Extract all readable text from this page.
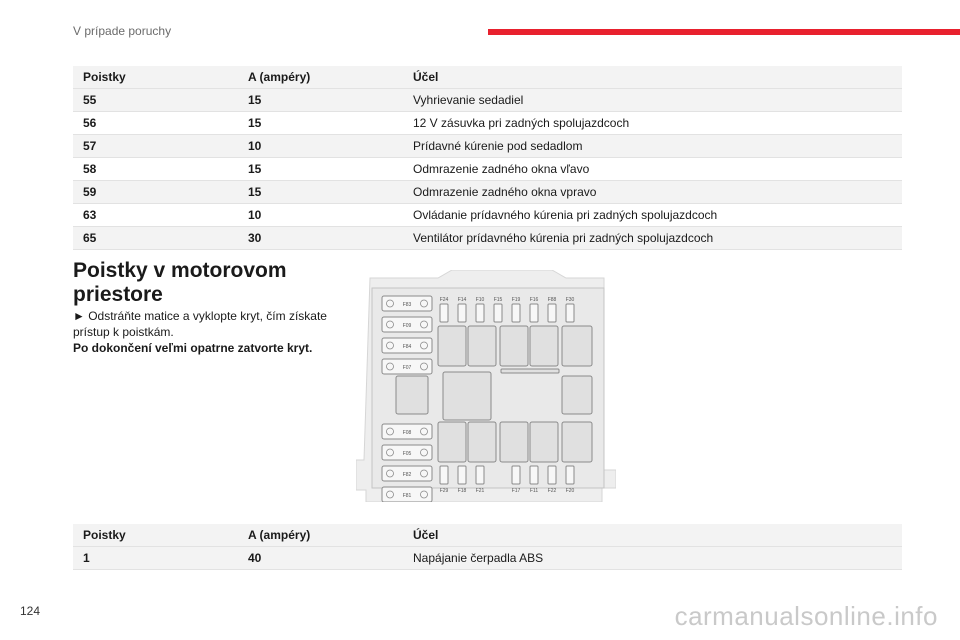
V prípade poruchy
Poistky	A (ampéry)	Účel
55	15	Vyhrievanie sedadiel
56	15	12 V zásuvka pri zadných spolujazdcoch
57	10	Prídavné kúrenie pod sedadlom
58	15	Odmrazenie zadného okna vľavo
59	15	Odmrazenie zadného okna vpravo
63	10	Ovládanie prídavného kúrenia pri zadných spolujazdcoch
65	30	Ventilátor prídavného kúrenia pri zadných spolujazdcoch
Poistky v motorovom priestore
► Odstráňte matice a vyklopte kryt, čím získate prístup k poistkám.
Po dokončení veľmi opatrne zatvorte kryt.
F83
F09
F84
F07
F08
F05
F82
F81
F24 F14 F10 F15 F19 F16 F88 F30
F29 F18 F21	F17 F11 F22 F20
Poistky	A (ampéry)	Účel
1	40	Napájanie čerpadla ABS
124	carmanualsonline.info
